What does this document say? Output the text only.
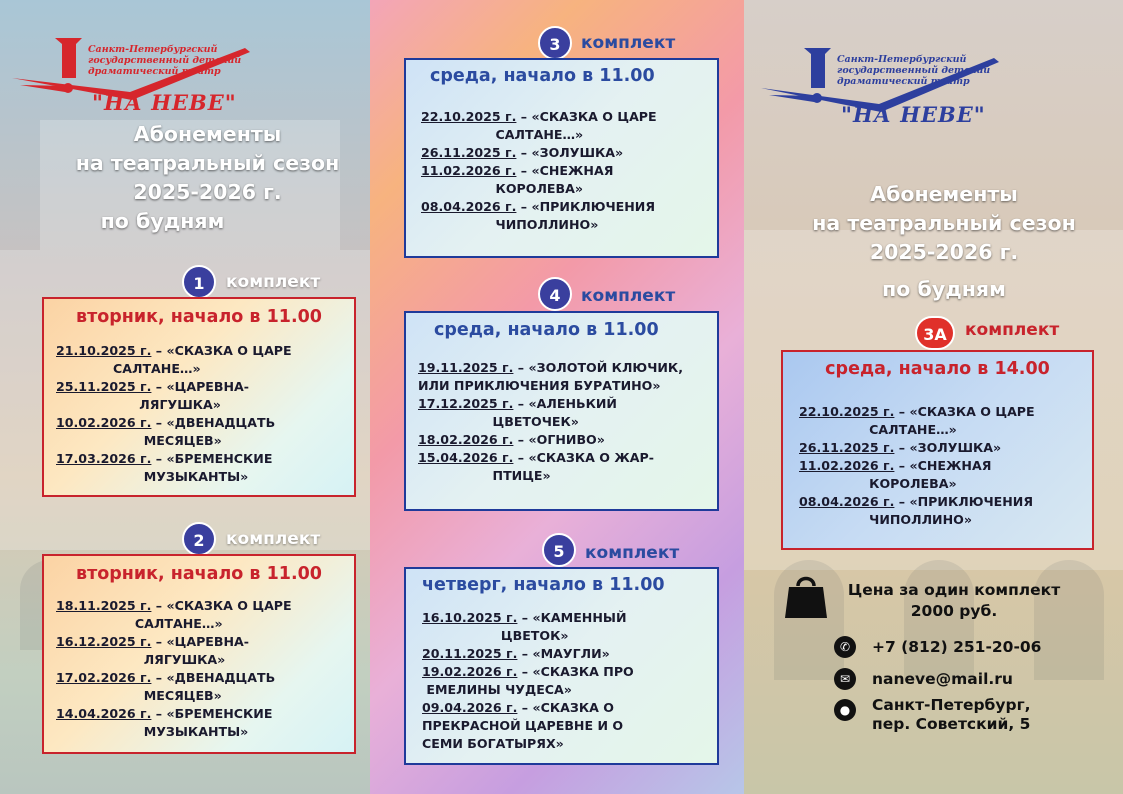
Санкт-Петербургский
государственный детский
драматический театр
"НА НЕВЕ"
Абонементы
на театральный сезон
2025-2026 г.
по будням
1	комплект
вторник, начало в 11.00
21.10.2025 г. – «СКАЗКА О ЦАРЕ
САЛТАНЕ…»
25.11.2025 г. – «ЦАРЕВНА-
ЛЯГУШКА»
10.02.2026 г. – «ДВЕНАДЦАТЬ
МЕСЯЦЕВ»
17.03.2026 г. – «БРЕМЕНСКИЕ
МУЗЫКАНТЫ»
2	комплект
вторник, начало в 11.00
18.11.2025 г. – «СКАЗКА О ЦАРЕ
САЛТАНЕ…»
16.12.2025 г. – «ЦАРЕВНА-
ЛЯГУШКА»
17.02.2026 г. – «ДВЕНАДЦАТЬ
МЕСЯЦЕВ»
14.04.2026 г. – «БРЕМЕНСКИЕ
МУЗЫКАНТЫ»
3	комплект
среда, начало в 11.00
22.10.2025 г. – «СКАЗКА О ЦАРЕ
САЛТАНЕ…»
26.11.2025 г. – «ЗОЛУШКА»
11.02.2026 г. – «СНЕЖНАЯ
КОРОЛЕВА»
08.04.2026 г. – «ПРИКЛЮЧЕНИЯ
ЧИПОЛЛИНО»
4	комплект
среда, начало в 11.00
19.11.2025 г. – «ЗОЛОТОЙ КЛЮЧИК,
ИЛИ ПРИКЛЮЧЕНИЯ БУРАТИНО»
17.12.2025 г. – «АЛЕНЬКИЙ
ЦВЕТОЧЕК»
18.02.2026 г. – «ОГНИВО»
15.04.2026 г. – «СКАЗКА О ЖАР-
ПТИЦЕ»
5	комплект
четверг, начало в 11.00
16.10.2025 г. – «КАМЕННЫЙ
ЦВЕТОК»
20.11.2025 г. – «МАУГЛИ»
19.02.2026 г. – «СКАЗКА ПРО
ЕМЕЛИНЫ ЧУДЕСА»
09.04.2026 г. – «СКАЗКА О
ПРЕКРАСНОЙ ЦАРЕВНЕ И О
СЕМИ БОГАТЫРЯХ»
Санкт-Петербургский
государственный детский
драматический театр
"НА НЕВЕ"
Абонементы
на театральный сезон
2025-2026 г.
по будням
3А	комплект
среда, начало в 14.00
22.10.2025 г. – «СКАЗКА О ЦАРЕ
САЛТАНЕ…»
26.11.2025 г. – «ЗОЛУШКА»
11.02.2026 г. – «СНЕЖНАЯ
КОРОЛЕВА»
08.04.2026 г. – «ПРИКЛЮЧЕНИЯ
ЧИПОЛЛИНО»
Цена за один комплект
2000 руб.
✆	+7 (812) 251-20-06
✉	naneve@mail.ru
●	Санкт-Петербург,
пер. Советский, 5
